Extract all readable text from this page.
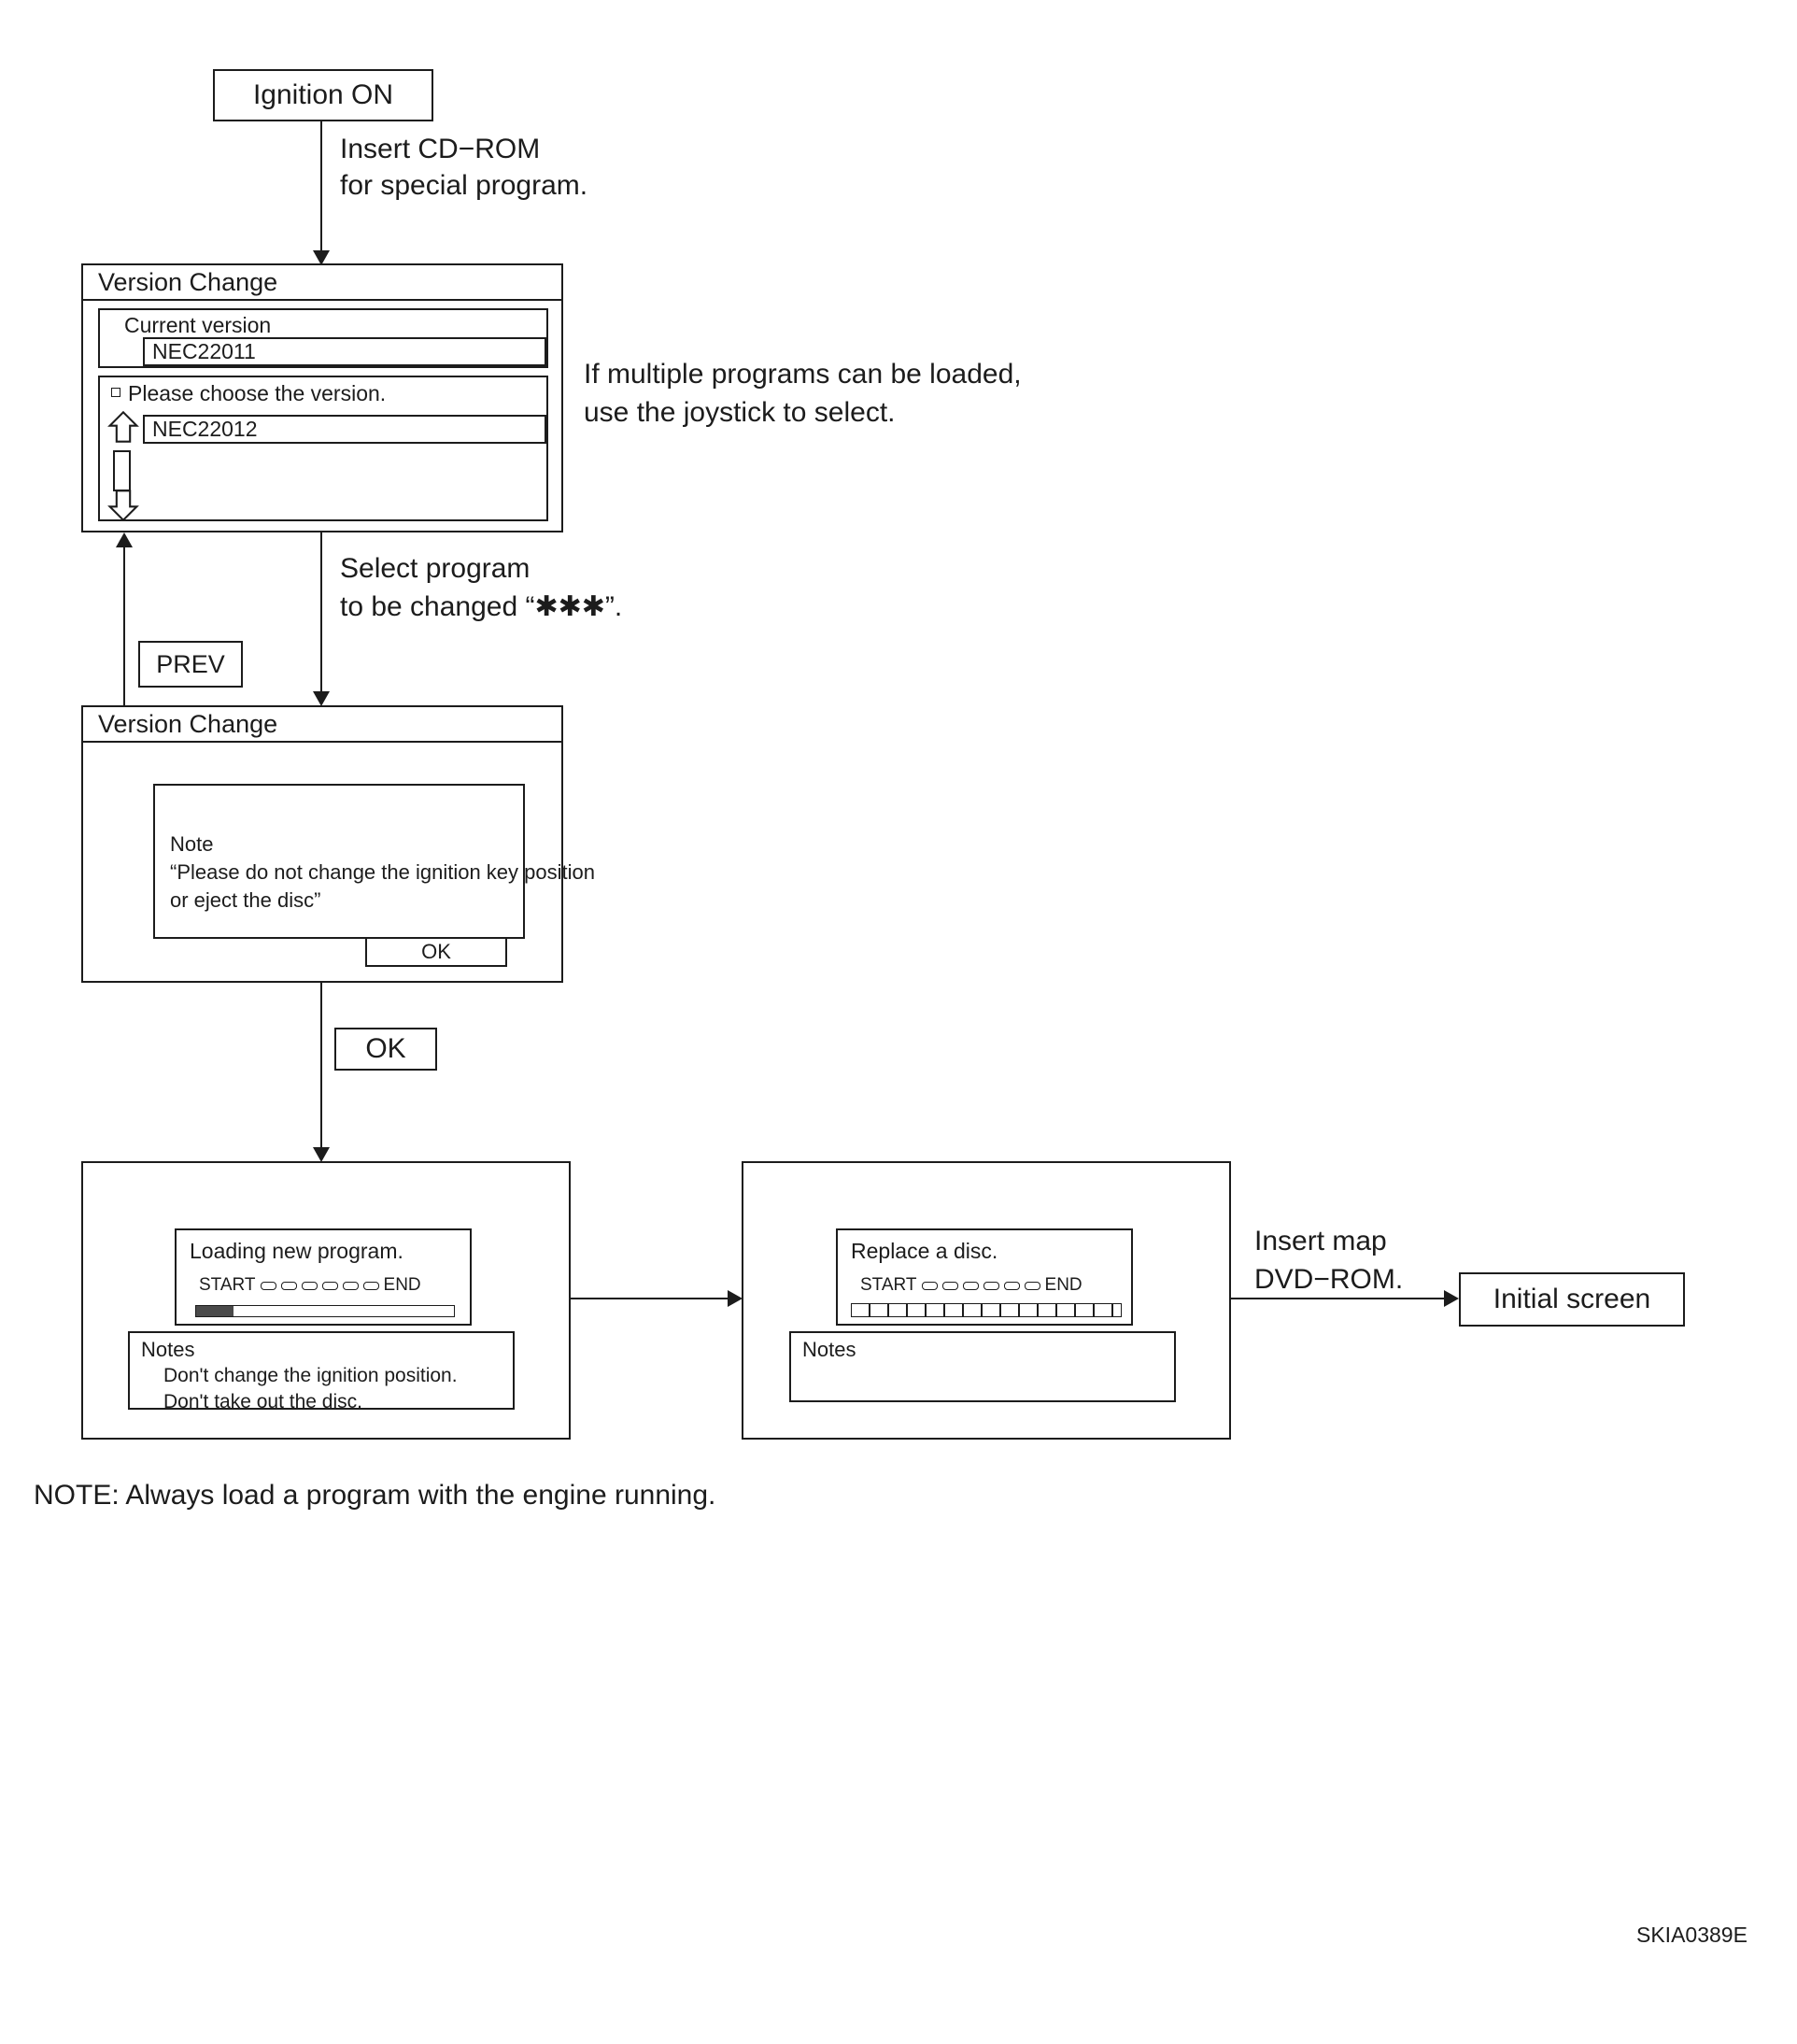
Ignition ON
Insert CD−ROM
for special program.
Version Change
Current version
NEC22011
Please choose the version.
NEC22012
If multiple programs can be loaded,
use the joystick to select.
Select program
to be changed “✱✱✱”.
PREV
Version Change
Note
“Please do not change the ignition key position
or eject the disc”
OK
OK
Loading new program.
START	END
Notes
Don't change the ignition position.
Don't take out the disc.
Replace a disc.
START	END
Notes
Insert map
DVD−ROM.
Initial screen
NOTE: Always load a program with the engine running.
SKIA0389E
